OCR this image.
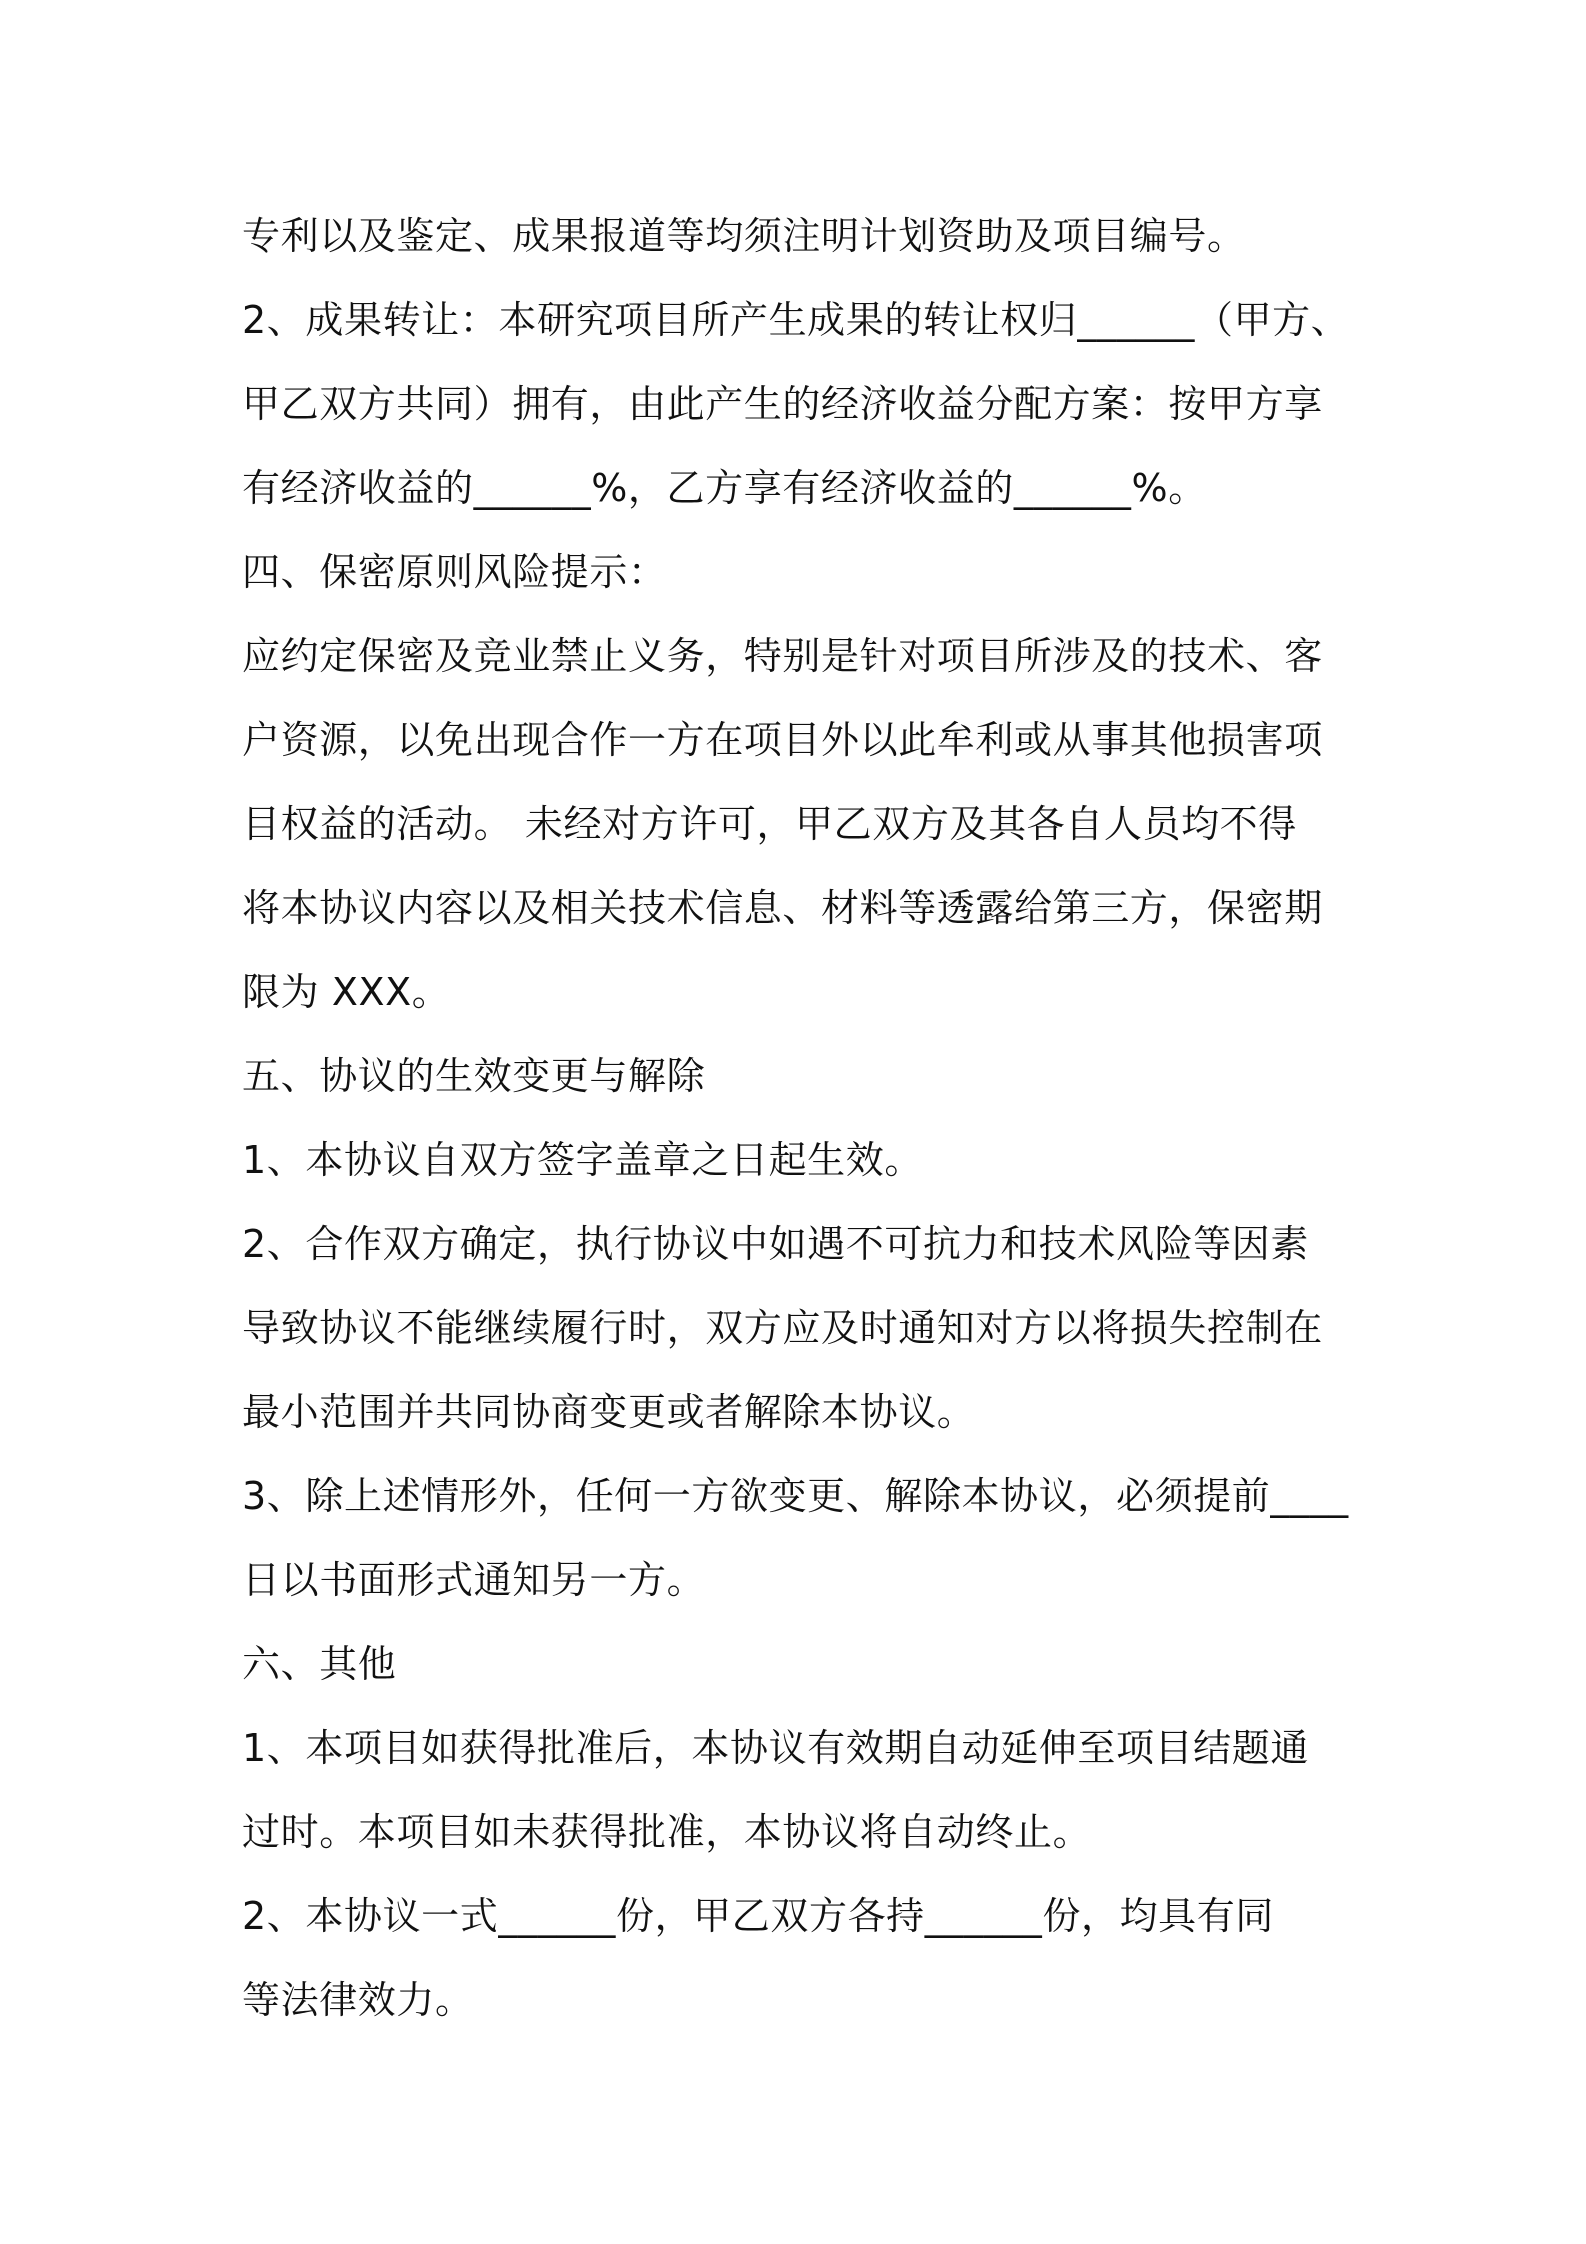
专利以及鉴定、成果报道等均须注明计划资助及项目编号。
2、成果转让：本研究项目所产生成果的转让权归______（甲方、
甲乙双方共同）拥有，由此产生的经济收益分配方案：按甲方享
有经济收益的______%，乙方享有经济收益的______%。
四、保密原则风险提示：
应约定保密及竞业禁止义务，特别是针对项目所涉及的技术、客
户资源，以免出现合作一方在项目外以此牟利或从事其他损害项
目权益的活动。 未经对方许可，甲乙双方及其各自人员均不得
将本协议内容以及相关技术信息、材料等透露给第三方，保密期
限为 XXX。
五、协议的生效变更与解除
1、本协议自双方签字盖章之日起生效。
2、合作双方确定，执行协议中如遇不可抗力和技术风险等因素
导致协议不能继续履行时，双方应及时通知对方以将损失控制在
最小范围并共同协商变更或者解除本协议。
3、除上述情形外，任何一方欲变更、解除本协议，必须提前____
日以书面形式通知另一方。
六、其他
1、本项目如获得批准后，本协议有效期自动延伸至项目结题通
过时。本项目如未获得批准，本协议将自动终止。
2、本协议一式______份，甲乙双方各持______份，均具有同
等法律效力。
